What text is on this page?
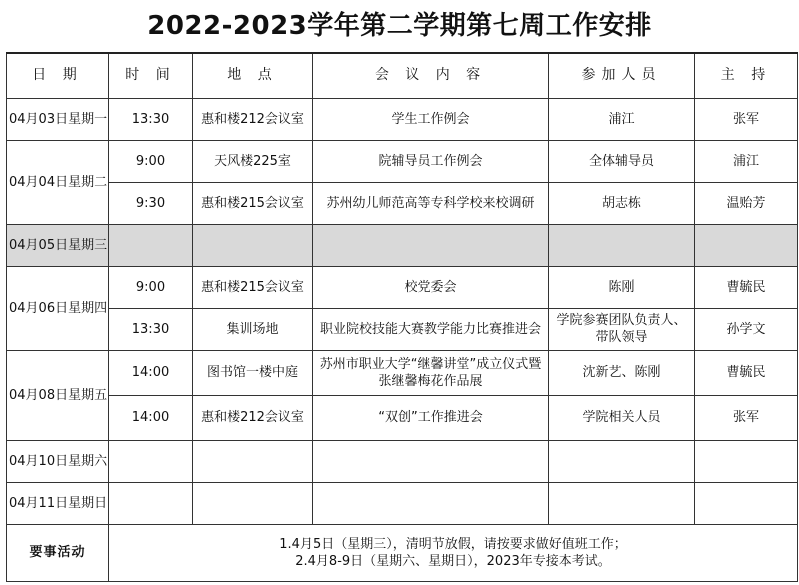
2022-2023学年第二学期第七周工作安排
日 期	时 间	地 点	会 议 内 容	参加人员	主 持
04月03日星期一	13:30	惠和楼212会议室	学生工作例会	浦江	张军
04月04日星期二	9:00	天风楼225室	院辅导员工作例会	全体辅导员	浦江
	9:30	惠和楼215会议室	苏州幼儿师范高等专科学校来校调研	胡志栋	温贻芳
04月05日星期三					
04月06日星期四	9:00	惠和楼215会议室	校党委会	陈刚	曹毓民
	13:30	集训场地	职业院校技能大赛教学能力比赛推进会	学院参赛团队负责人、带队领导	孙学文
04月08日星期五	14:00	图书馆一楼中庭	苏州市职业大学“继馨讲堂”成立仪式暨张继馨梅花作品展	沈新艺、陈刚	曹毓民
	14:00	惠和楼212会议室	“双创”工作推进会	学院相关人员	张军
04月10日星期六					
04月11日星期日					
要事活动	1.4月5日（星期三），清明节放假，请按要求做好值班工作；
2.4月8-9日（星期六、星期日），2023年专接本考试。				
